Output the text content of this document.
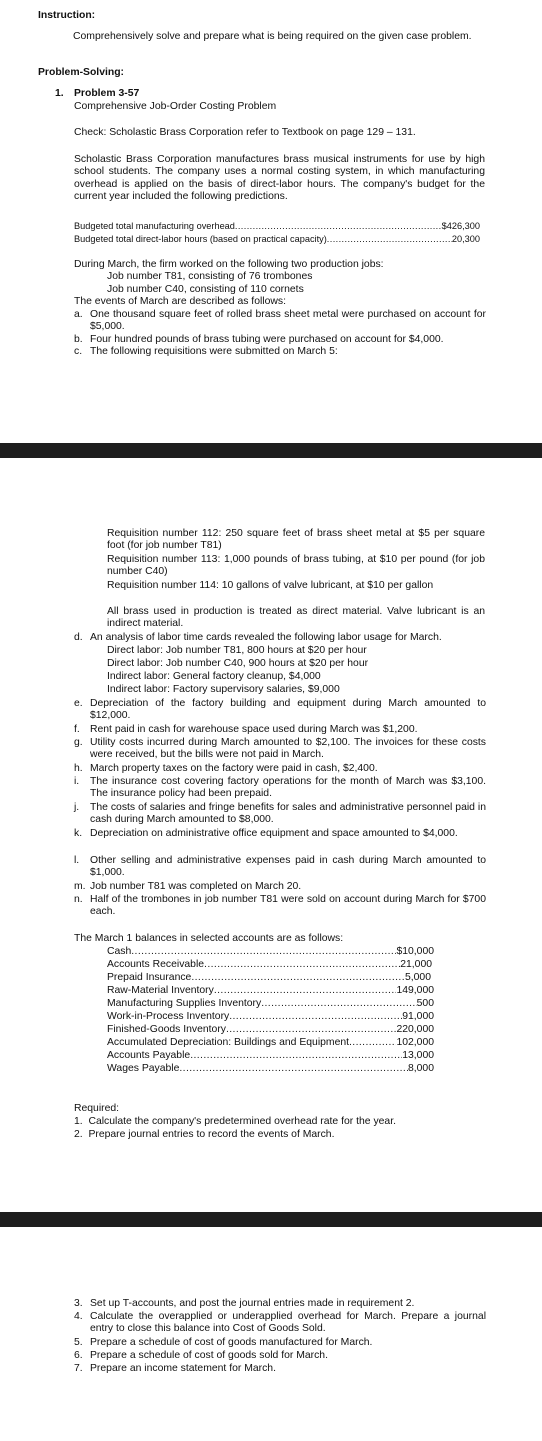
Instruction:
Comprehensively solve and prepare what is being required on the given case problem.
Problem-Solving:
1. Problem 3-57
Comprehensive Job-Order Costing Problem
Check: Scholastic Brass Corporation refer to Textbook on page 129 – 131.
Scholastic Brass Corporation manufactures brass musical instruments for use by high school students. The company uses a normal costing system, in which manufacturing overhead is applied on the basis of direct-labor hours. The company's budget for the current year included the following predictions.
Budgeted total manufacturing overhead .....	$426,300
Budgeted total direct-labor hours (based on practical capacity) .....	20,300
During March, the firm worked on the following two production jobs:
Job number T81, consisting of 76 trombones
Job number C40, consisting of 110 cornets
The events of March are described as follows:
a. One thousand square feet of rolled brass sheet metal were purchased on account for $5,000.
b. Four hundred pounds of brass tubing were purchased on account for $4,000.
c. The following requisitions were submitted on March 5:
Requisition number 112: 250 square feet of brass sheet metal at $5 per square foot (for job number T81)
Requisition number 113: 1,000 pounds of brass tubing, at $10 per pound (for job number C40)
Requisition number 114: 10 gallons of valve lubricant, at $10 per gallon
All brass used in production is treated as direct material. Valve lubricant is an indirect material.
d. An analysis of labor time cards revealed the following labor usage for March.
Direct labor: Job number T81, 800 hours at $20 per hour
Direct labor: Job number C40, 900 hours at $20 per hour
Indirect labor: General factory cleanup, $4,000
Indirect labor: Factory supervisory salaries, $9,000
e. Depreciation of the factory building and equipment during March amounted to $12,000.
f. Rent paid in cash for warehouse space used during March was $1,200.
g. Utility costs incurred during March amounted to $2,100. The invoices for these costs were received, but the bills were not paid in March.
h. March property taxes on the factory were paid in cash, $2,400.
i. The insurance cost covering factory operations for the month of March was $3,100. The insurance policy had been prepaid.
j. The costs of salaries and fringe benefits for sales and administrative personnel paid in cash during March amounted to $8,000.
k. Depreciation on administrative office equipment and space amounted to $4,000.
l. Other selling and administrative expenses paid in cash during March amounted to $1,000.
m. Job number T81 was completed on March 20.
n. Half of the trombones in job number T81 were sold on account during March for $700 each.
The March 1 balances in selected accounts are as follows:
Cash .....	$10,000
Accounts Receivable .....	21,000
Prepaid Insurance .....	5,000
Raw-Material Inventory .....	149,000
Manufacturing Supplies Inventory .....	500
Work-in-Process Inventory .....	91,000
Finished-Goods Inventory .....	220,000
Accumulated Depreciation: Buildings and Equipment .....	102,000
Accounts Payable .....	13,000
Wages Payable .....	8,000
Required:
1.  Calculate the company's predetermined overhead rate for the year.
2.  Prepare journal entries to record the events of March.
3. Set up T-accounts, and post the journal entries made in requirement 2.
4. Calculate the overapplied or underapplied overhead for March. Prepare a journal entry to close this balance into Cost of Goods Sold.
5. Prepare a schedule of cost of goods manufactured for March.
6. Prepare a schedule of cost of goods sold for March.
7. Prepare an income statement for March.
